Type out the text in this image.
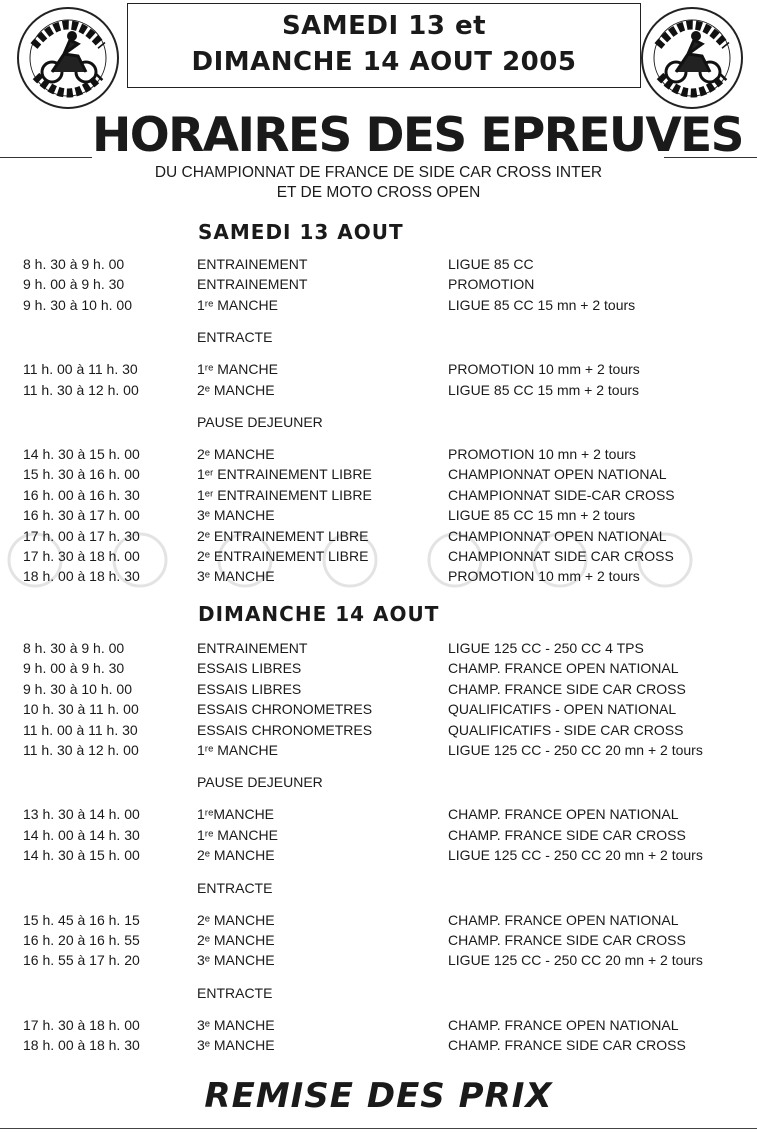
SAMEDI 13 et
DIMANCHE 14 AOUT 2005
HORAIRES DES EPREUVES
DU CHAMPIONNAT DE FRANCE DE SIDE CAR CROSS INTER
ET DE MOTO CROSS OPEN
SAMEDI 13 AOUT
8 h. 30 à 9 h. 00	ENTRAINEMENT	LIGUE 85 CC
9 h. 00 à 9 h. 30	ENTRAINEMENT	PROMOTION
9 h. 30 à 10 h. 00	1ʳᵉ MANCHE	LIGUE 85 CC 15 mn + 2 tours
ENTRACTE
11 h. 00 à 11 h. 30	1ʳᵉ MANCHE	PROMOTION 10 mm + 2 tours
11 h. 30 à 12 h. 00	2ᵉ MANCHE	LIGUE 85 CC 15 mm + 2 tours
PAUSE DEJEUNER
14 h. 30 à 15 h. 00	2ᵉ MANCHE	PROMOTION 10 mn + 2 tours
15 h. 30 à 16 h. 00	1ᵉʳ ENTRAINEMENT LIBRE	CHAMPIONNAT OPEN NATIONAL
16 h. 00 à 16 h. 30	1ᵉʳ ENTRAINEMENT LIBRE	CHAMPIONNAT SIDE-CAR CROSS
16 h. 30 à 17 h. 00	3ᵉ MANCHE	LIGUE 85 CC 15 mn + 2 tours
17 h. 00 à 17 h. 30	2ᵉ ENTRAINEMENT LIBRE	CHAMPIONNAT OPEN NATIONAL
17 h. 30 à 18 h. 00	2ᵉ ENTRAINEMENT LIBRE	CHAMPIONNAT SIDE CAR CROSS
18 h. 00 à 18 h. 30	3ᵉ MANCHE	PROMOTION 10 mm + 2 tours
DIMANCHE 14 AOUT
8 h. 30 à 9 h. 00	ENTRAINEMENT	LIGUE 125 CC - 250 CC 4 TPS
9 h. 00 à 9 h. 30	ESSAIS LIBRES	CHAMP. FRANCE OPEN NATIONAL
9 h. 30 à 10 h. 00	ESSAIS LIBRES	CHAMP. FRANCE SIDE CAR CROSS
10 h. 30 à 11 h. 00	ESSAIS CHRONOMETRES	QUALIFICATIFS - OPEN NATIONAL
11 h. 00 à 11 h. 30	ESSAIS CHRONOMETRES	QUALIFICATIFS - SIDE CAR CROSS
11 h. 30 à 12 h. 00	1ʳᵉ MANCHE	LIGUE 125 CC - 250 CC 20 mn + 2 tours
PAUSE DEJEUNER
13 h. 30 à 14 h. 00	1ʳᵉMANCHE	CHAMP. FRANCE OPEN NATIONAL
14 h. 00 à 14 h. 30	1ʳᵉ MANCHE	CHAMP. FRANCE SIDE CAR CROSS
14 h. 30 à 15 h. 00	2ᵉ MANCHE	LIGUE 125 CC - 250 CC 20 mn + 2 tours
ENTRACTE
15 h. 45 à 16 h. 15	2ᵉ MANCHE	CHAMP. FRANCE OPEN NATIONAL
16 h. 20 à 16 h. 55	2ᵉ MANCHE	CHAMP. FRANCE SIDE CAR CROSS
16 h. 55 à 17 h. 20	3ᵉ MANCHE	LIGUE 125 CC - 250 CC 20 mn + 2 tours
ENTRACTE
17 h. 30 à 18 h. 00	3ᵉ MANCHE	CHAMP. FRANCE OPEN NATIONAL
18 h. 00 à 18 h. 30	3ᵉ MANCHE	CHAMP. FRANCE SIDE CAR CROSS
REMISE DES PRIX
